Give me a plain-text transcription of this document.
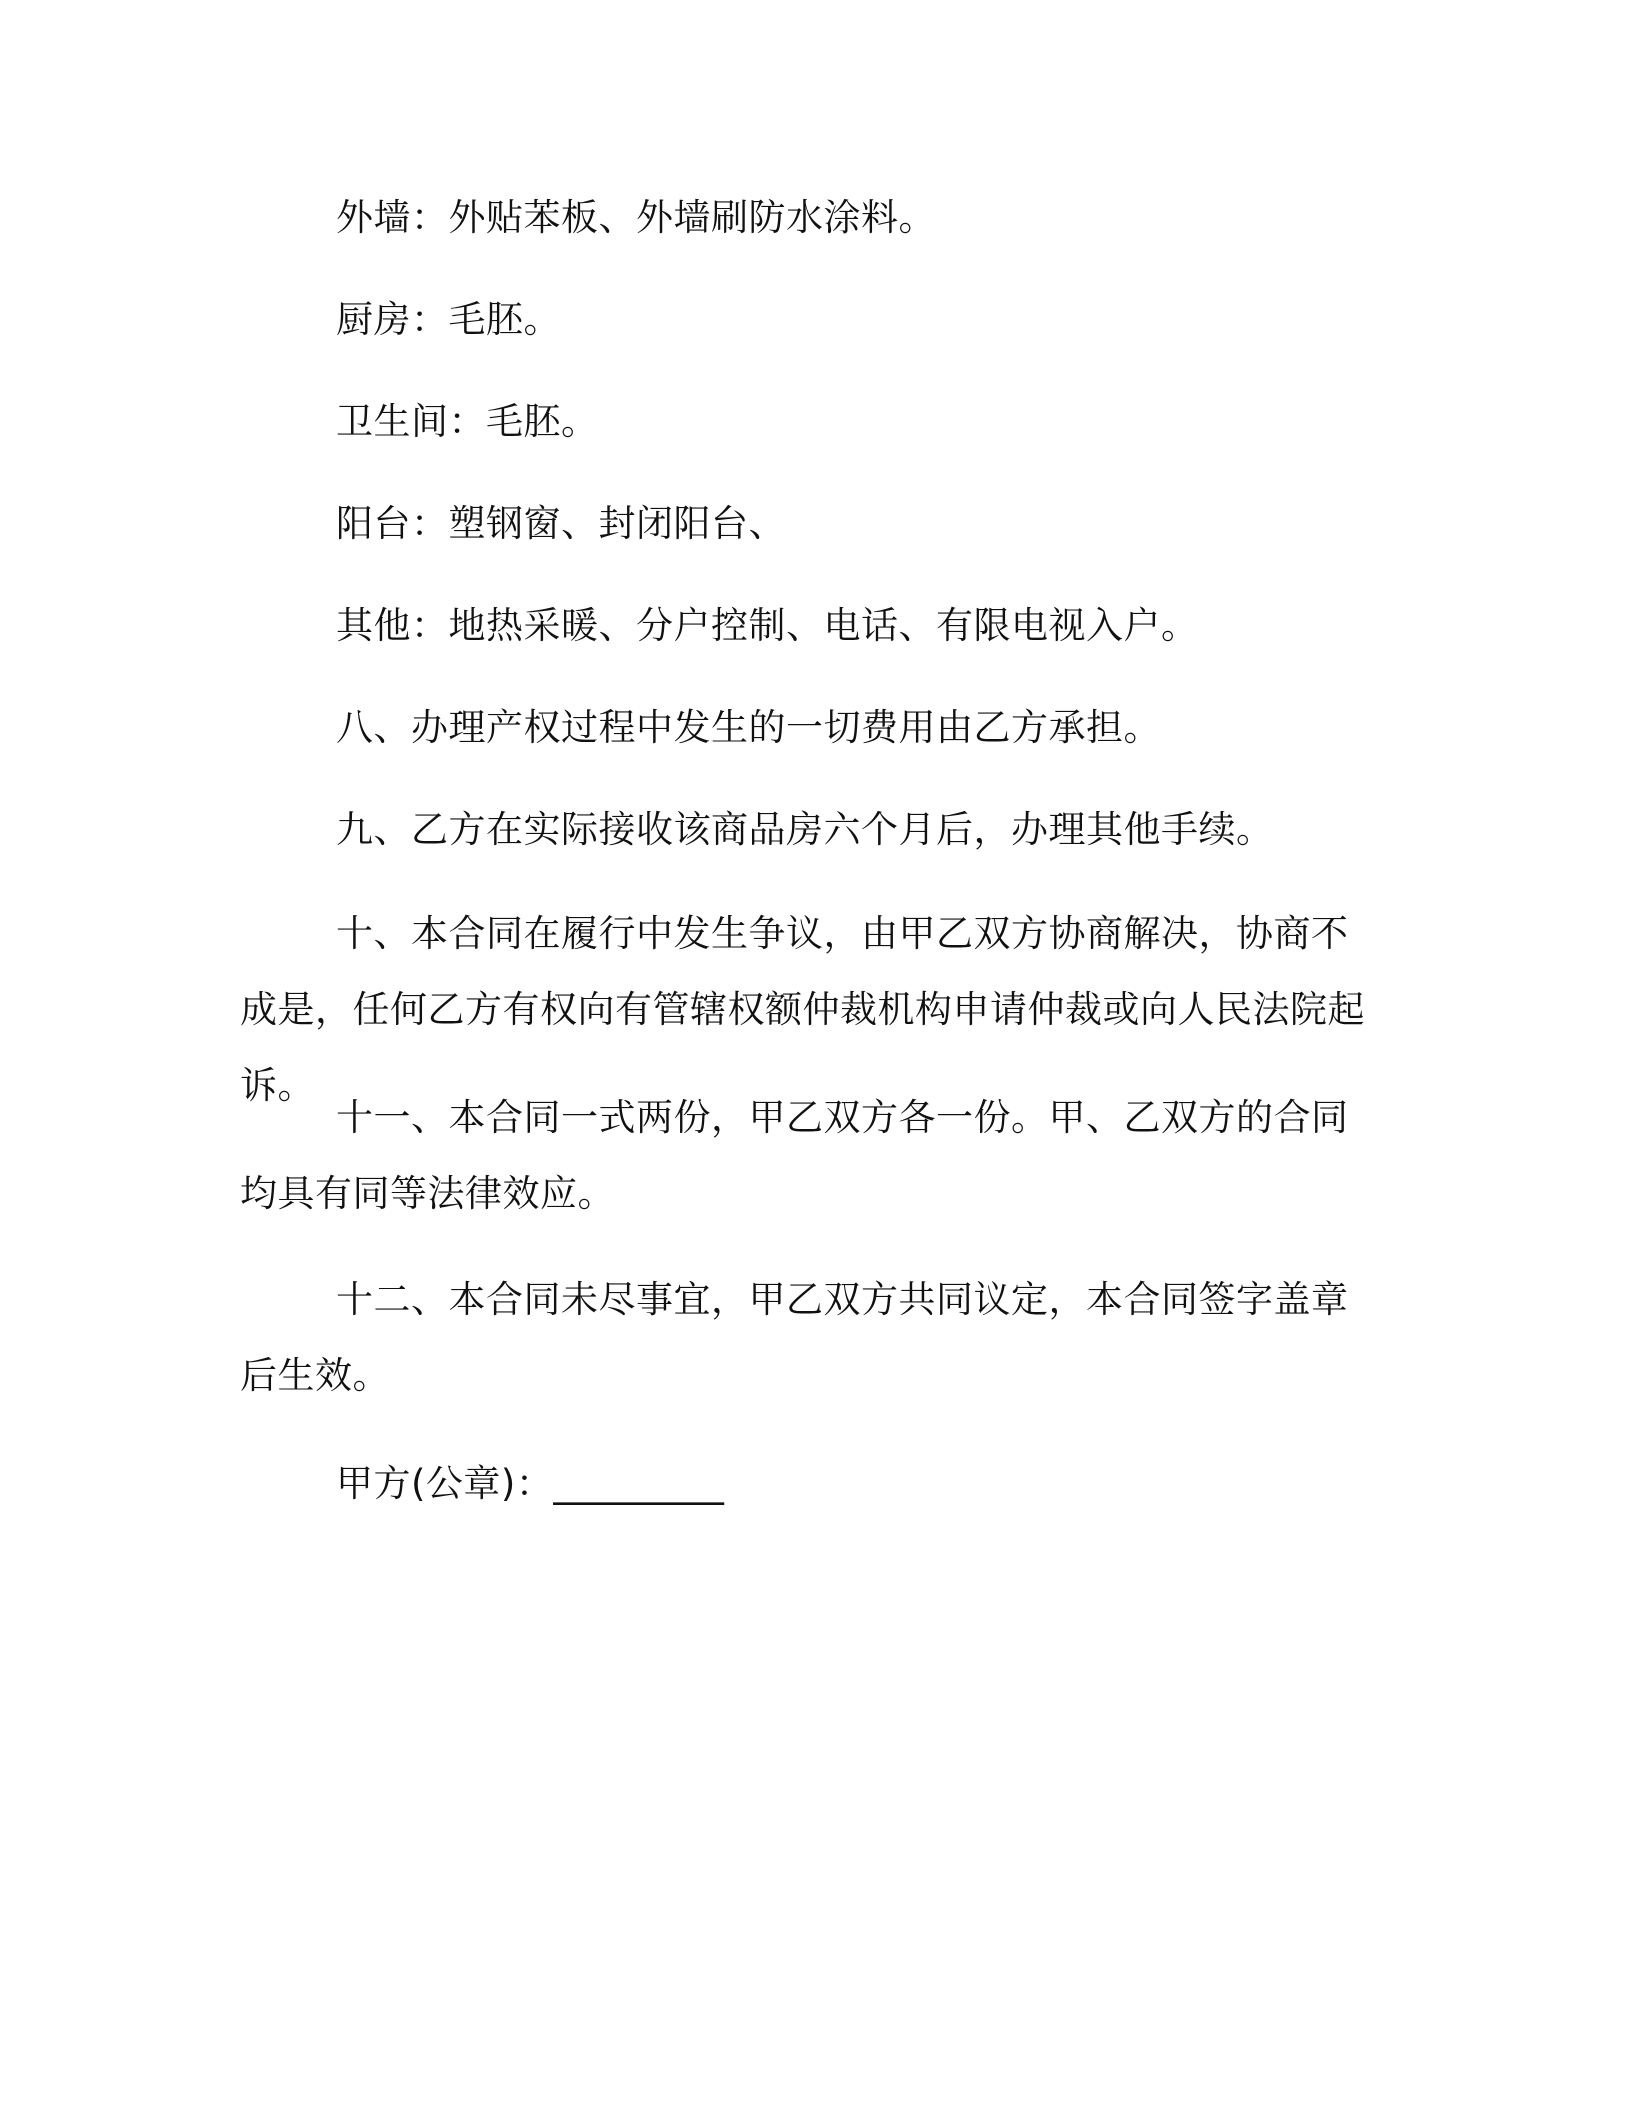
外墙：外贴苯板、外墙刷防水涂料。

厨房：毛胚。

卫生间：毛胚。

阳台：塑钢窗、封闭阳台、

其他：地热采暖、分户控制、电话、有限电视入户。

八、办理产权过程中发生的一切费用由乙方承担。

九、乙方在实际接收该商品房六个月后，办理其他手续。

十、本合同在履行中发生争议，由甲乙双方协商解决，协商不成是，任何乙方有权向有管辖权额仲裁机构申请仲裁或向人民法院起诉。

十一、本合同一式两份，甲乙双方各一份。甲、乙双方的合同均具有同等法律效应。

十二、本合同未尽事宜，甲乙双方共同议定，本合同签字盖章后生效。

甲方(公章)：_________
